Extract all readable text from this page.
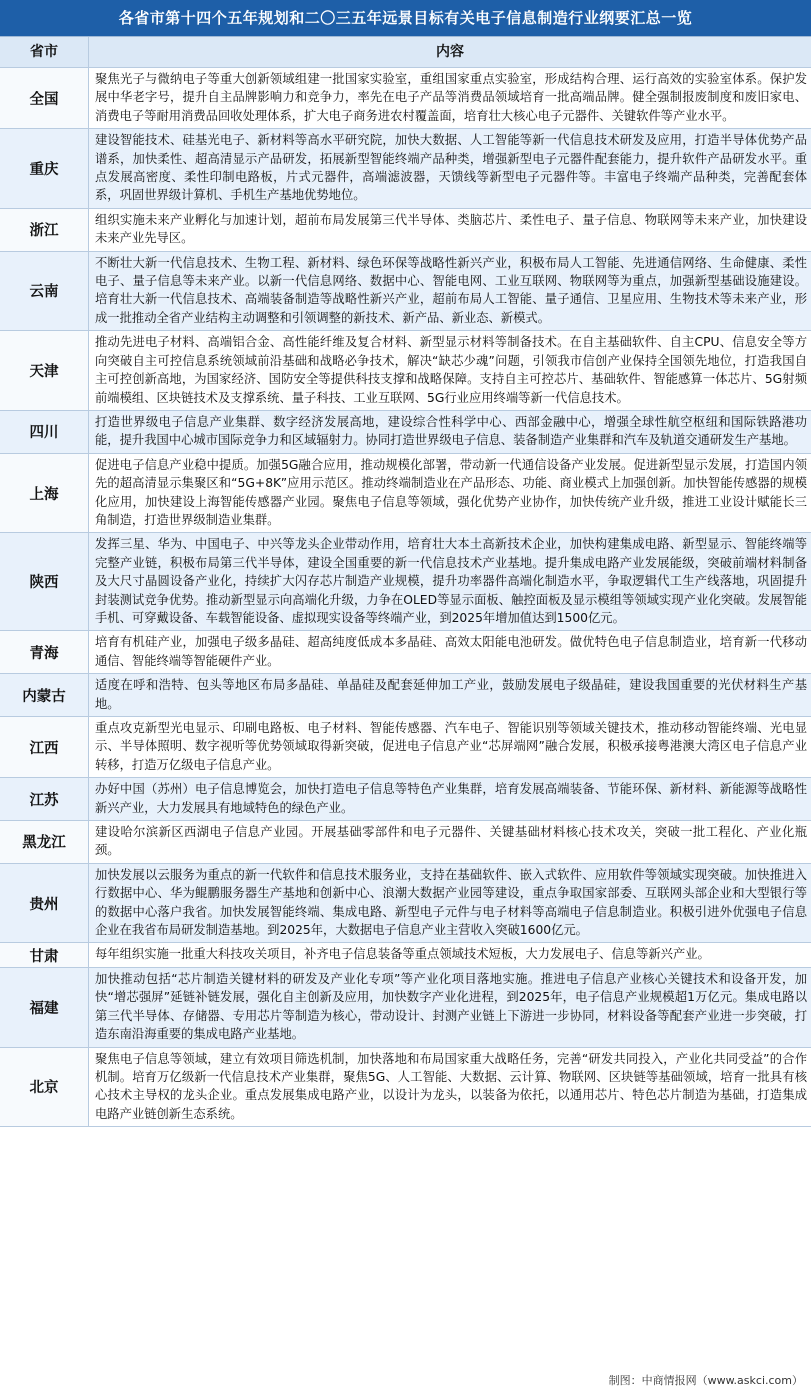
各省市第十四个五年规划和二〇三五年远景目标有关电子信息制造行业纲要汇总一览
省市	内容
全国
聚焦光子与微纳电子等重大创新领域组建一批国家实验室，重组国家重点实验室，形成结构合理、运行高效的实验室体系。保护发展中华老字号，提升自主品牌影响力和竞争力，率先在电子产品等消费品领域培育一批高端品牌。健全强制报废制度和废旧家电、消费电子等耐用消费品回收处理体系，扩大电子商务进农村覆盖面，培育壮大核心电子元器件、关键软件等产业水平。
重庆
建设智能技术、硅基光电子、新材料等高水平研究院，加快大数据、人工智能等新一代信息技术研发及应用，打造半导体优势产品谱系，加快柔性、超高清显示产品研发，拓展新型智能终端产品种类，增强新型电子元器件配套能力，提升软件产品研发水平。重点发展高密度、柔性印制电路板，片式元器件，高端滤波器，天馈线等新型电子元器件等。丰富电子终端产品种类，完善配套体系，巩固世界级计算机、手机生产基地优势地位。
浙江
组织实施未来产业孵化与加速计划，超前布局发展第三代半导体、类脑芯片、柔性电子、量子信息、物联网等未来产业，加快建设未来产业先导区。
云南
不断壮大新一代信息技术、生物工程、新材料、绿色环保等战略性新兴产业，积极布局人工智能、先进通信网络、生命健康、柔性电子、量子信息等未来产业。以新一代信息网络、数据中心、智能电网、工业互联网、物联网等为重点，加强新型基础设施建设。培育壮大新一代信息技术、高端装备制造等战略性新兴产业，超前布局人工智能、量子通信、卫星应用、生物技术等未来产业，形成一批推动全省产业结构主动调整和引领调整的新技术、新产品、新业态、新模式。
天津
推动先进电子材料、高端铝合金、高性能纤维及复合材料、新型显示材料等制备技术。在自主基础软件、自主CPU、信息安全等方向突破自主可控信息系统领域前沿基础和战略必争技术，解决“缺芯少魂”问题，引领我市信创产业保持全国领先地位，打造我国自主可控创新高地，为国家经济、国防安全等提供科技支撑和战略保障。支持自主可控芯片、基础软件、智能感算一体芯片、5G射频前端模组、区块链技术及支撑系统、量子科技、工业互联网、5G行业应用终端等新一代信息技术。
四川
打造世界级电子信息产业集群、数字经济发展高地，建设综合性科学中心、西部金融中心，增强全球性航空枢纽和国际铁路港功能，提升我国中心城市国际竞争力和区域辐射力。协同打造世界级电子信息、装备制造产业集群和汽车及轨道交通研发生产基地。
上海
促进电子信息产业稳中提质。加强5G融合应用，推动规模化部署，带动新一代通信设备产业发展。促进新型显示发展，打造国内领先的超高清显示集聚区和“5G+8K”应用示范区。推动终端制造业在产品形态、功能、商业模式上加强创新。加快智能传感器的规模化应用，加快建设上海智能传感器产业园。聚焦电子信息等领域，强化优势产业协作，加快传统产业升级，推进工业设计赋能长三角制造，打造世界级制造业集群。
陕西
发挥三星、华为、中国电子、中兴等龙头企业带动作用，培育壮大本土高新技术企业，加快构建集成电路、新型显示、智能终端等完整产业链，积极布局第三代半导体，建设全国重要的新一代信息技术产业基地。提升集成电路产业发展能级，突破前端材料制备及大尺寸晶圆设备产业化，持续扩大闪存芯片制造产业规模，提升功率器件高端化制造水平，争取逻辑代工生产线落地，巩固提升封装测试竞争优势。推动新型显示向高端化升级，力争在OLED等显示面板、触控面板及显示模组等领域实现产业化突破。发展智能手机、可穿戴设备、车载智能设备、虚拟现实设备等终端产业，到2025年增加值达到1500亿元。
青海
培育有机硅产业，加强电子级多晶硅、超高纯度低成本多晶硅、高效太阳能电池研发。做优特色电子信息制造业，培育新一代移动通信、智能终端等智能硬件产业。
内蒙古
适度在呼和浩特、包头等地区布局多晶硅、单晶硅及配套延伸加工产业，鼓励发展电子级晶硅，建设我国重要的光伏材料生产基地。
江西
重点攻克新型光电显示、印刷电路板、电子材料、智能传感器、汽车电子、智能识别等领域关键技术，推动移动智能终端、光电显示、半导体照明、数字视听等优势领域取得新突破，促进电子信息产业“芯屏端网”融合发展，积极承接粤港澳大湾区电子信息产业转移，打造万亿级电子信息产业。
江苏
办好中国（苏州）电子信息博览会，加快打造电子信息等特色产业集群，培育发展高端装备、节能环保、新材料、新能源等战略性新兴产业，大力发展具有地域特色的绿色产业。
黑龙江
建设哈尔滨新区西湖电子信息产业园。开展基础零部件和电子元器件、关键基础材料核心技术攻关，突破一批工程化、产业化瓶颈。
贵州
加快发展以云服务为重点的新一代软件和信息技术服务业，支持在基础软件、嵌入式软件、应用软件等领域实现突破。加快推进入行数据中心、华为鲲鹏服务器生产基地和创新中心、浪潮大数据产业园等建设，重点争取国家部委、互联网头部企业和大型银行等的数据中心落户我省。加快发展智能终端、集成电路、新型电子元件与电子材料等高端电子信息制造业。积极引进外优强电子信息企业在我省布局研发制造基地。到2025年，大数据电子信息产业主营收入突破1600亿元。
甘肃	每年组织实施一批重大科技攻关项目，补齐电子信息装备等重点领域技术短板，大力发展电子、信息等新兴产业。
福建
加快推动包括“芯片制造关键材料的研发及产业化专项”等产业化项目落地实施。推进电子信息产业核心关键技术和设备开发，加快“增芯强屏”延链补链发展，强化自主创新及应用，加快数字产业化进程，到2025年，电子信息产业规模超1万亿元。集成电路以第三代半导体、存储器、专用芯片等制造为核心，带动设计、封测产业链上下游进一步协同，材料设备等配套产业进一步突破，打造东南沿海重要的集成电路产业基地。
北京
聚焦电子信息等领域，建立有效项目筛选机制，加快落地和布局国家重大战略任务，完善“研发共同投入，产业化共同受益”的合作机制。培育万亿级新一代信息技术产业集群，聚焦5G、人工智能、大数据、云计算、物联网、区块链等基础领域，培育一批具有核心技术主导权的龙头企业。重点发展集成电路产业，以设计为龙头，以装备为依托，以通用芯片、特色芯片制造为基础，打造集成电路产业链创新生态系统。
制图：中商情报网（www.askci.com）
